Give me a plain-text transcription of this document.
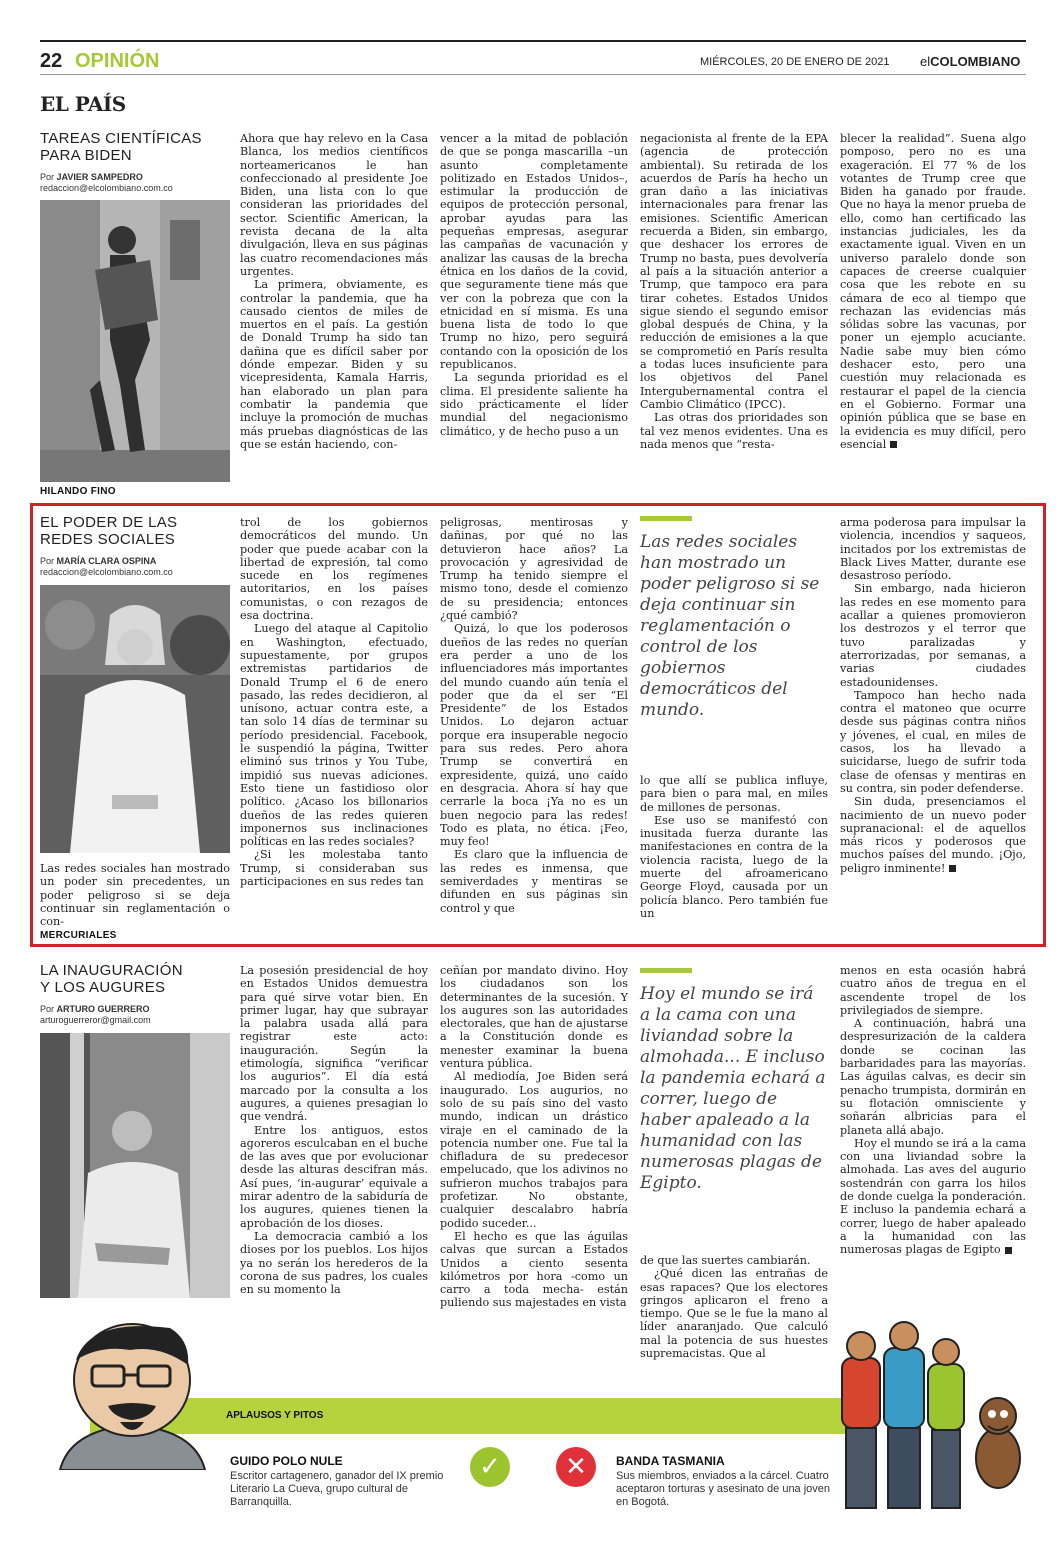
22 OPINIÓN	MIÉRCOLES, 20 DE ENERO DE 2021 elCOLOMBIANO
EL PAÍS
TAREAS CIENTÍFICAS
PARA BIDEN
Por JAVIER SAMPEDRO
redaccion@elcolombiano.com.co

Ahora que hay relevo en la Casa Blanca, los medios científicos norteamericanos le han confeccionado al presidente Joe Biden, una lista con lo que consideran las prioridades del sector. Scientific American, la revista decana de la alta divulgación, lleva en sus páginas las cuatro recomendaciones más urgentes.

La primera, obviamente, es controlar la pandemia, que ha causado cientos de miles de muertos en el país. La gestión de Donald Trump ha sido tan dañina que es difícil saber por dónde empezar. Biden y su vicepresidenta, Kamala Harris, han elaborado un plan para combatir la pandemia que incluye la promoción de muchas más pruebas diagnósticas de las que se están haciendo, con-

vencer a la mitad de población de que se ponga mascarilla –un asunto completamente politizado en Estados Unidos–, estimular la producción de equipos de protección personal, aprobar ayudas para las pequeñas empresas, asegurar las campañas de vacunación y analizar las causas de la brecha étnica en los daños de la covid, que seguramente tiene más que ver con la pobreza que con la etnicidad en sí misma. Es una buena lista de todo lo que Trump no hizo, pero seguirá contando con la oposición de los republicanos.

La segunda prioridad es el clima. El presidente saliente ha sido prácticamente el líder mundial del negacionismo climático, y de hecho puso a un

negacionista al frente de la EPA (agencia de protección ambiental). Su retirada de los acuerdos de París ha hecho un gran daño a las iniciativas internacionales para frenar las emisiones. Scientific American recuerda a Biden, sin embargo, que deshacer los errores de Trump no basta, pues devolvería al país a la situación anterior a Trump, que tampoco era para tirar cohetes. Estados Unidos sigue siendo el segundo emisor global después de China, y la reducción de emisiones a la que se comprometió en París resulta a todas luces insuficiente para los objetivos del Panel Intergubernamental contra el Cambio Climático (IPCC).

Las otras dos prioridades son tal vez menos evidentes. Una es nada menos que “resta-

blecer la realidad”. Suena algo pomposo, pero no es una exageración. El 77 % de los votantes de Trump cree que Biden ha ganado por fraude. Que no haya la menor prueba de ello, como han certificado las instancias judiciales, les da exactamente igual. Viven en un universo paralelo donde son capaces de creerse cualquier cosa que les rebote en su cámara de eco al tiempo que rechazan las evidencias más sólidas sobre las vacunas, por poner un ejemplo acuciante. Nadie sabe muy bien cómo deshacer esto, pero una cuestión muy relacionada es restaurar el papel de la ciencia en el Gobierno. Formar una opinión pública que se base en la evidencia es muy difícil, pero esencial

HILANDO FINO
EL PODER DE LAS
REDES SOCIALES
Por MARÍA CLARA OSPINA
redaccion@elcolombiano.com.co
Las redes sociales han mostrado un poder sin precedentes, un poder peligroso si se deja continuar sin reglamentación o con-

trol de los gobiernos democráticos del mundo. Un poder que puede acabar con la libertad de expresión, tal como sucede en los regímenes autoritarios, en los países comunistas, o con rezagos de esa doctrina.

Luego del ataque al Capitolio en Washington, efectuado, supuestamente, por grupos extremistas partidarios de Donald Trump el 6 de enero pasado, las redes decidieron, al unísono, actuar contra este, a tan solo 14 días de terminar su período presidencial. Facebook, le suspendió la página, Twitter eliminó sus trinos y You Tube, impidió sus nuevas adiciones. Esto tiene un fastidioso olor político. ¿Acaso los billonarios dueños de las redes quieren imponernos sus inclinaciones políticas en las redes sociales?

¿Si les molestaba tanto Trump, si consideraban sus participaciones en sus redes tan

peligrosas, mentirosas y dañinas, por qué no las detuvieron hace años? La provocación y agresividad de Trump ha tenido siempre el mismo tono, desde el comienzo de su presidencia; entonces ¿qué cambió?

Quizá, lo que los poderosos dueños de las redes no querían era perder a uno de los influenciadores más importantes del mundo cuando aún tenía el poder que da el ser “El Presidente” de los Estados Unidos. Lo dejaron actuar porque era insuperable negocio para sus redes. Pero ahora Trump se convertirá en expresidente, quizá, uno caído en desgracia. Ahora sí hay que cerrarle la boca ¡Ya no es un buen negocio para las redes! Todo es plata, no ética. ¡Feo, muy feo!

Es claro que la influencia de las redes es inmensa, que semiverdades y mentiras se difunden en sus páginas sin control y que

Las redes sociales han mostrado un poder peligroso si se deja continuar sin reglamentación o control de los gobiernos democráticos del mundo.

lo que allí se publica influye, para bien o para mal, en miles de millones de personas.

Ese uso se manifestó con inusitada fuerza durante las manifestaciones en contra de la violencia racista, luego de la muerte del afroamericano George Floyd, causada por un policía blanco. Pero también fue un

arma poderosa para impulsar la violencia, incendios y saqueos, incitados por los extremistas de Black Lives Matter, durante ese desastroso período.

Sin embargo, nada hicieron las redes en ese momento para acallar a quienes promovieron los destrozos y el terror que tuvo paralizadas y aterrorizadas, por semanas, a varias ciudades estadounidenses.

Tampoco han hecho nada contra el matoneo que ocurre desde sus páginas contra niños y jóvenes, el cual, en miles de casos, los ha llevado a suicidarse, luego de sufrir toda clase de ofensas y mentiras en su contra, sin poder defenderse.

Sin duda, presenciamos el nacimiento de un nuevo poder supranacional: el de aquellos más ricos y poderosos que muchos países del mundo. ¡Ojo, peligro inminente!

MERCURIALES
LA INAUGURACIÓN
Y LOS AUGURES
Por ARTURO GUERRERO
arturoguerreror@gmail.com

La posesión presidencial de hoy en Estados Unidos demuestra para qué sirve votar bien. En primer lugar, hay que subrayar la palabra usada allá para registrar este acto: inauguración. Según la etimología, significa “verificar los augurios”. El día está marcado por la consulta a los augures, a quienes presagian lo que vendrá.

Entre los antiguos, estos agoreros esculcaban en el buche de las aves que por evolucionar desde las alturas descifran más. Así pues, ‘in-augurar’ equivale a mirar adentro de la sabiduría de los augures, quienes tienen la aprobación de los dioses.

La democracia cambió a los dioses por los pueblos. Los hijos ya no serán los herederos de la corona de sus padres, los cuales en su momento la

ceñían por mandato divino. Hoy los ciudadanos son los determinantes de la sucesión. Y los augures son las autoridades electorales, que han de ajustarse a la Constitución donde es menester examinar la buena ventura pública.

Al mediodía, Joe Biden será inaugurado. Los augurios, no solo de su país sino del vasto mundo, indican un drástico viraje en el caminado de la potencia number one. Fue tal la chifladura de su predecesor empelucado, que los adivinos no sufrieron muchos trabajos para profetizar. No obstante, cualquier descalabro habría podido suceder...

El hecho es que las águilas calvas que surcan a Estados Unidos a ciento sesenta kilómetros por hora -como un carro a toda mecha- están puliendo sus majestades en vista

Hoy el mundo se irá a la cama con una liviandad sobre la almohada... E incluso la pandemia echará a correr, luego de haber apaleado a la humanidad con las numerosas plagas de Egipto.

de que las suertes cambiarán.

¿Qué dicen las entrañas de esas rapaces? Que los electores gringos aplicaron el freno a tiempo. Que se le fue la mano al líder anaranjado. Que calculó mal la potencia de sus huestes supremacistas. Que al

menos en esta ocasión habrá cuatro años de tregua en el ascendente tropel de los privilegiados de siempre.

A continuación, habrá una despresurización de la caldera donde se cocinan las barbaridades para las mayorías. Las águilas calvas, es decir sin penacho trumpista, dormirán en su flotación omnisciente y soñarán albricias para el planeta allá abajo.

Hoy el mundo se irá a la cama con una liviandad sobre la almohada. Las aves del augurio sostendrán con garra los hilos de donde cuelga la ponderación. E incluso la pandemia echará a correr, luego de haber apaleado a la humanidad con las numerosas plagas de Egipto

APLAUSOS Y PITOS
✓	✕
GUIDO POLO NULE
Escritor cartagenero, ganador del IX premio Literario La Cueva, grupo cultural de Barranquilla.
BANDA TASMANIA
Sus miembros, enviados a la cárcel. Cuatro aceptaron torturas y asesinato de una joven en Bogotá.
